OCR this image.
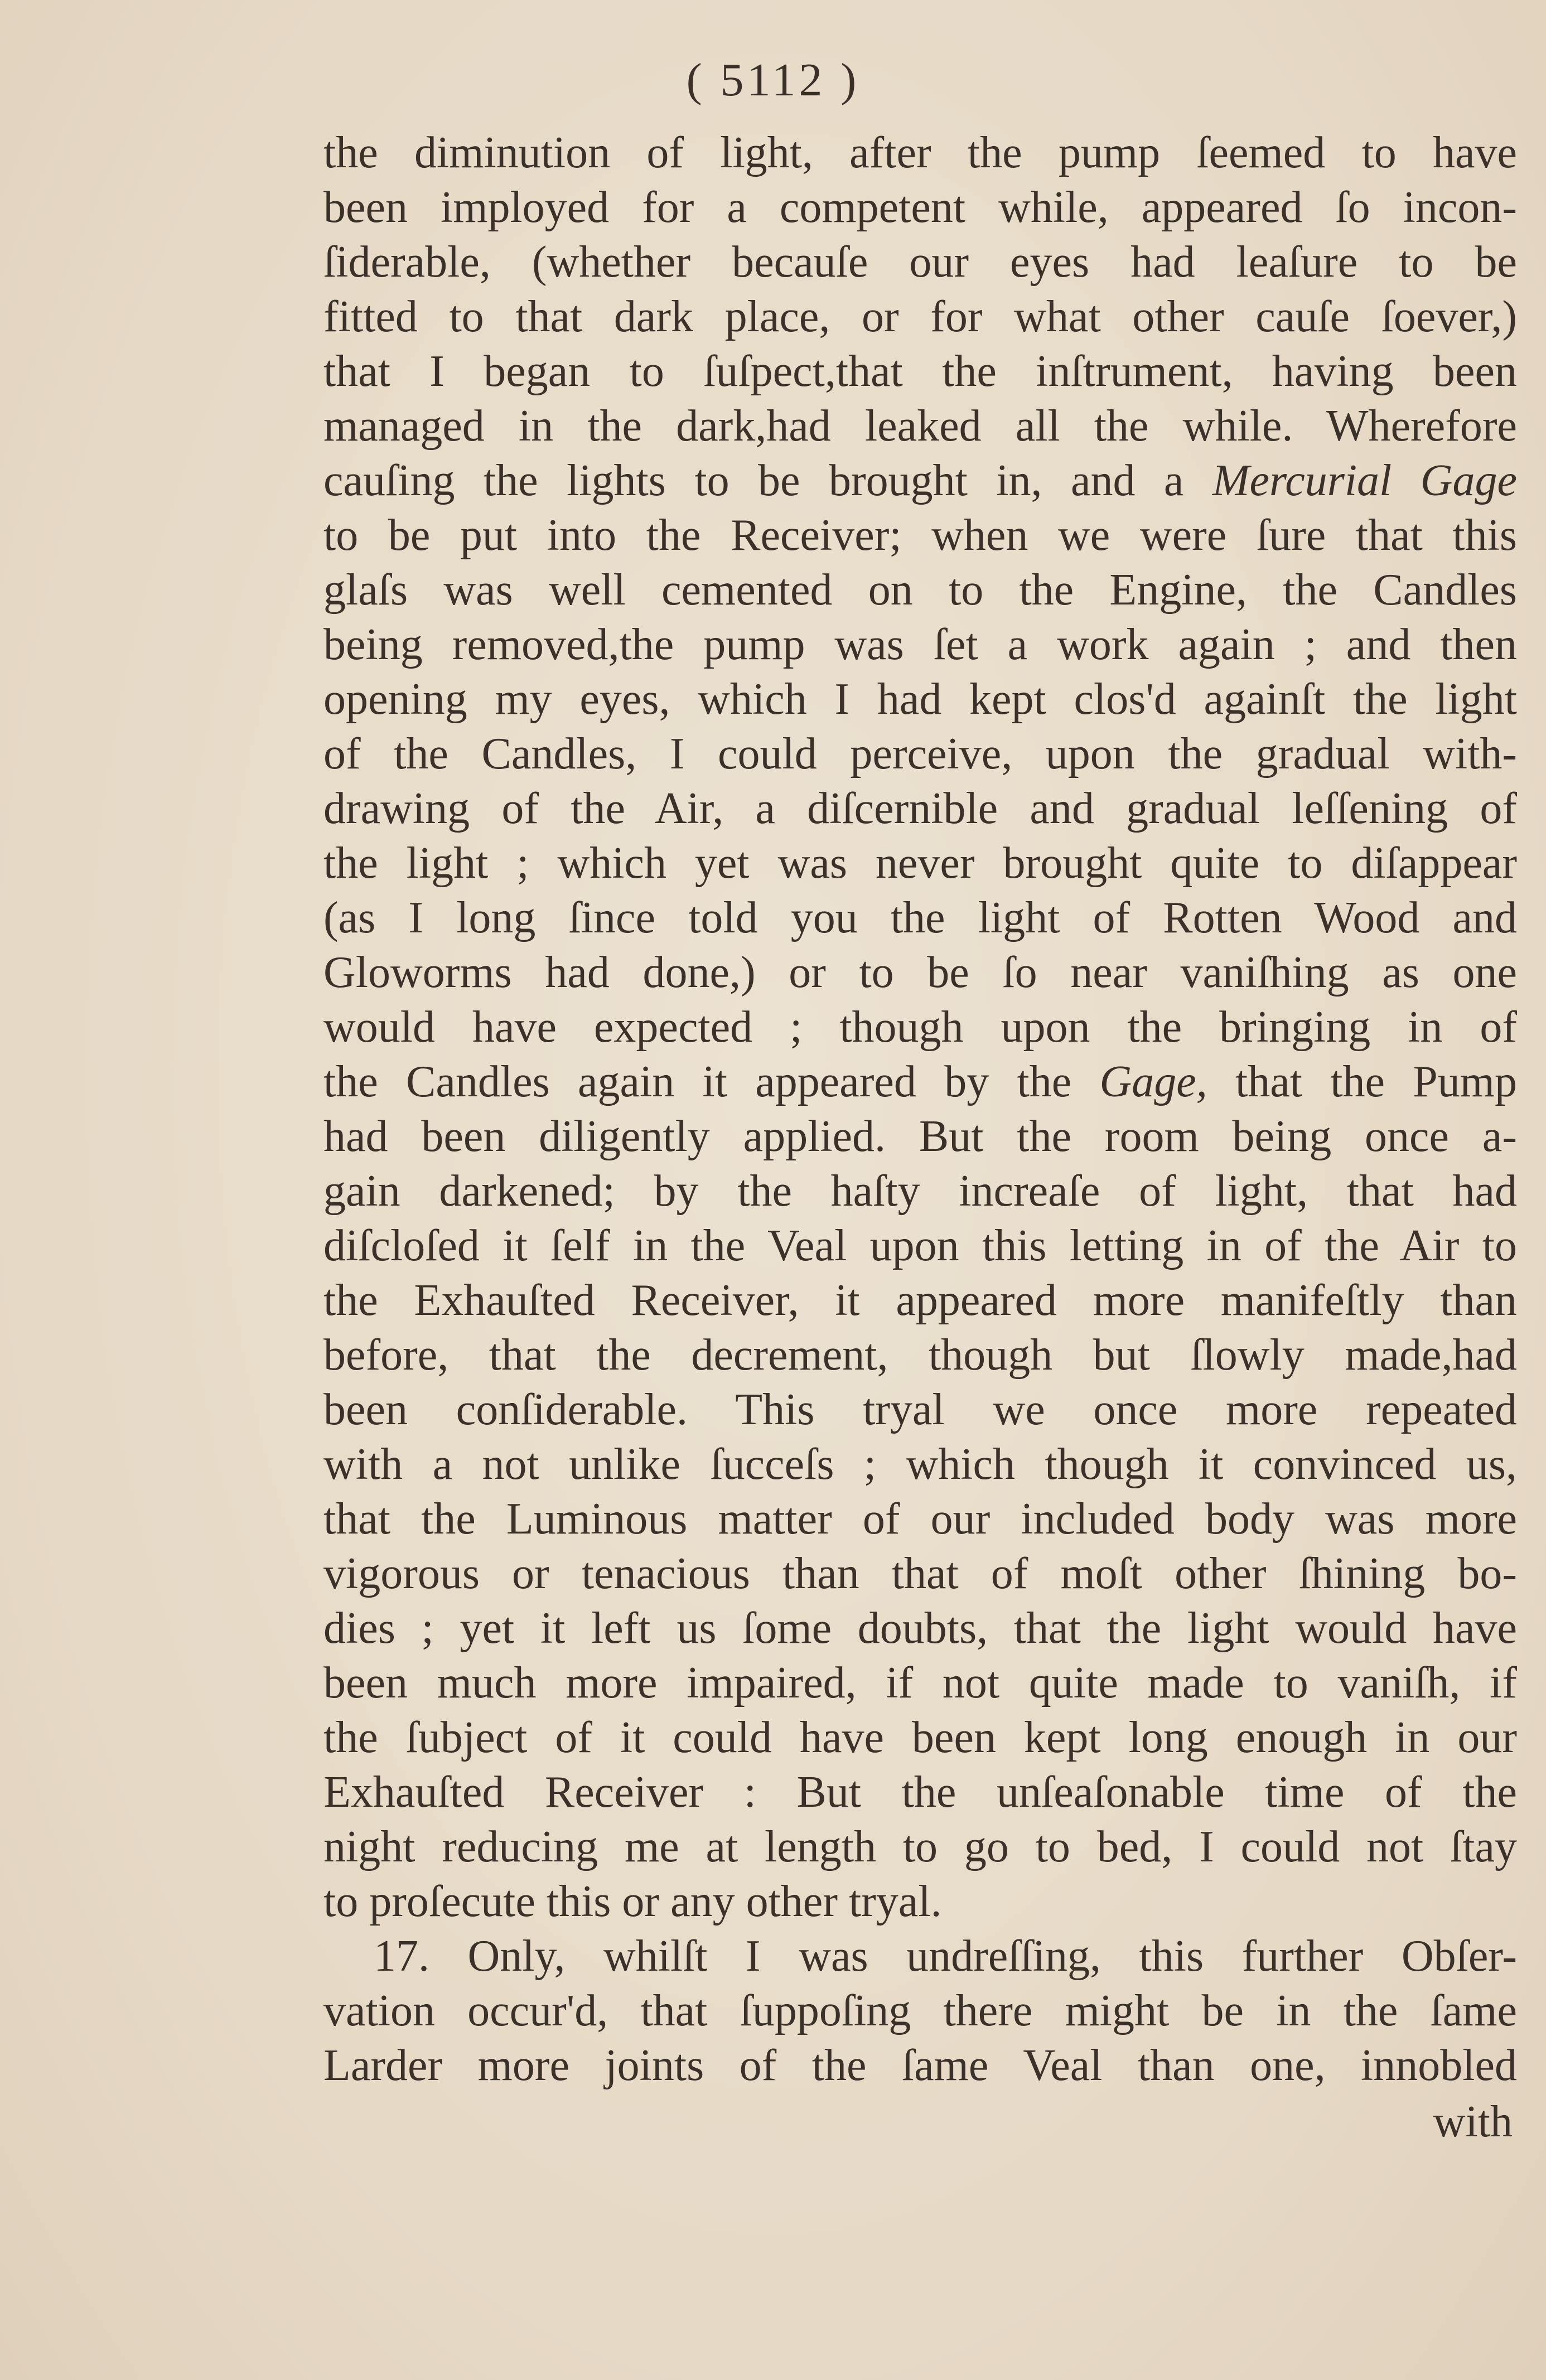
( 5112 )
the diminution of light, after the pump ſeemed to have
been imployed for a competent while, appeared ſo incon-
ſiderable, (whether becauſe our eyes had leaſure to be
fitted to that dark place, or for what other cauſe ſoever,)
that I began to ſuſpect,that the inſtrument, having been
managed in the dark,had leaked all the while. Wherefore
cauſing the lights to be brought in, and a Mercurial Gage
to be put into the Receiver; when we were ſure that this
glaſs was well cemented on to the Engine, the Candles
being removed,the pump was ſet a work again ; and then
opening my eyes, which I had kept clos'd againſt the light
of the Candles, I could perceive, upon the gradual with-
drawing of the Air, a diſcernible and gradual leſſening of
the light ; which yet was never brought quite to diſappear
(as I long ſince told you the light of Rotten Wood and
Gloworms had done,) or to be ſo near vaniſhing as one
would have expected ; though upon the bringing in of
the Candles again it appeared by the Gage, that the Pump
had been diligently applied. But the room being once a-
gain darkened; by the haſty increaſe of light, that had
diſcloſed it ſelf in the Veal upon this letting in of the Air to
the Exhauſted Receiver, it appeared more manifeſtly than
before, that the decrement, though but ſlowly made,had
been conſiderable. This tryal we once more repeated
with a not unlike ſucceſs ; which though it convinced us,
that the Luminous matter of our included body was more
vigorous or tenacious than that of moſt other ſhining bo-
dies ; yet it left us ſome doubts, that the light would have
been much more impaired, if not quite made to vaniſh, if
the ſubject of it could have been kept long enough in our
Exhauſted Receiver : But the unſeaſonable time of the
night reducing me at length to go to bed, I could not ſtay
to proſecute this or any other tryal.
17. Only, whilſt I was undreſſing, this further Obſer-
vation occur'd, that ſuppoſing there might be in the ſame
Larder more joints of the ſame Veal than one, innobled
with
